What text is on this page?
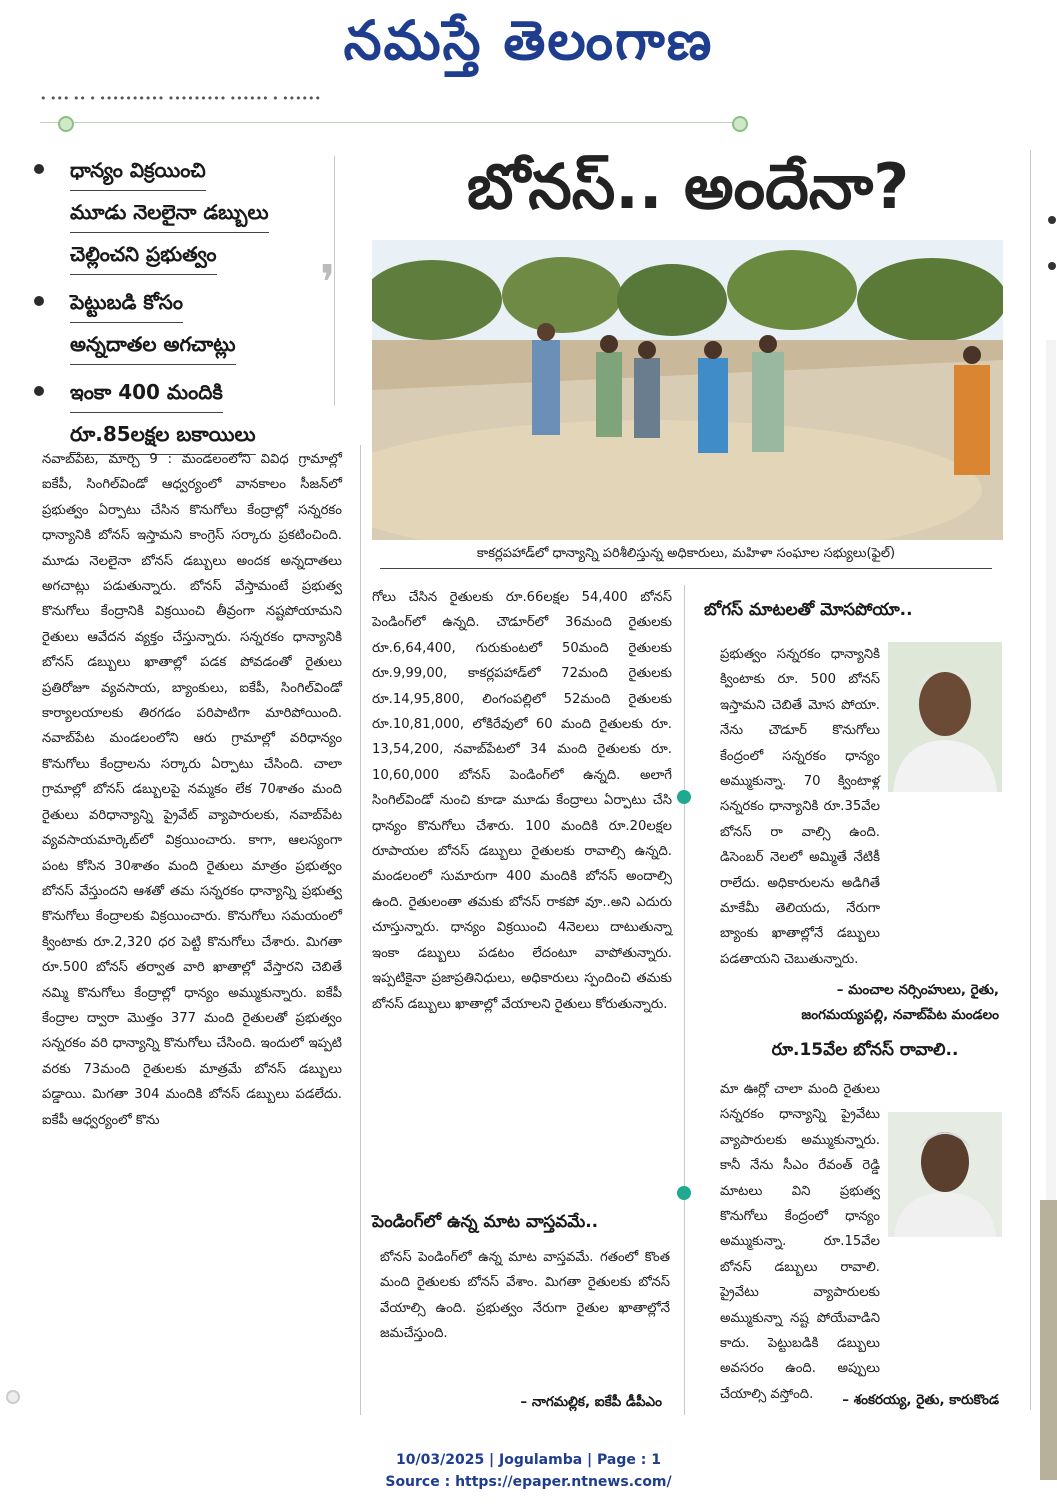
నమస్తే తెలంగాణ
• ••• •• • •••••••••• ••••••••• •••••• • ••••••
ధాన్యం విక్రయించి
మూడు నెలలైనా డబ్బులు
చెల్లించని ప్రభుత్వం
పెట్టుబడి కోసం
అన్నదాతల అగచాట్లు
ఇంకా 400 మందికి
రూ.85లక్షల బకాయిలు
❜
బోనస్.. అందేనా?
కాకర్లపహాడ్‌లో ధాన్యాన్ని పరిశీలిస్తున్న అధికారులు, మహిళా సంఘాల సభ్యులు(ఫైల్)
నవాబ్‌పేట, మార్చి 9 : మండలంలోని వివిధ గ్రామాల్లో ఐకేపీ, సింగిల్‌విండో ఆధ్వర్యంలో వానకాలం సీజన్‌లో ప్రభుత్వం ఏర్పాటు చేసిన కొనుగోలు కేంద్రాల్లో సన్నరకం ధాన్యానికి బోనస్ ఇస్తామని కాంగ్రెస్ సర్కారు ప్రకటించింది. మూడు నెలలైనా బోనస్ డబ్బులు అందక అన్నదాతలు అగచాట్లు పడుతున్నారు. బోనస్ వేస్తామంటే ప్రభుత్వ కొనుగోలు కేంద్రానికి విక్రయించి తీవ్రంగా నష్టపోయామని రైతులు ఆవేదన వ్యక్తం చేస్తున్నారు. సన్నరకం ధాన్యానికి బోనస్ డబ్బులు ఖాతాల్లో పడక పోవడంతో రైతులు ప్రతిరోజూ వ్యవసాయ, బ్యాంకులు, ఐకేపీ, సింగిల్‌విండో కార్యాలయాలకు తిరగడం పరిపాటిగా మారిపోయింది. నవాబ్‌పేట మండలంలోని ఆరు గ్రామాల్లో వరిధాన్యం కొనుగోలు కేంద్రాలను సర్కారు ఏర్పాటు చేసింది. చాలా గ్రామాల్లో బోనస్ డబ్బులపై నమ్మకం లేక 70శాతం మంది రైతులు వరిధాన్యాన్ని ప్రైవేట్ వ్యాపారులకు, నవాబ్‌పేట వ్యవసాయమార్కెట్‌లో విక్రయించారు. కాగా, ఆలస్యంగా పంట కోసిన 30శాతం మంది రైతులు మాత్రం ప్రభుత్వం బోనస్ వేస్తుందని ఆశతో తమ సన్నరకం ధాన్యాన్ని ప్రభుత్వ కొనుగోలు కేంద్రాలకు విక్రయించారు. కొనుగోలు సమయంలో క్వింటాకు రూ.2,320 ధర పెట్టి కొనుగోలు చేశారు. మిగతా రూ.500 బోనస్ తర్వాత వారి ఖాతాల్లో వేస్తారని చెబితే నమ్మి కొనుగోలు కేంద్రాల్లో ధాన్యం అమ్ముకున్నారు. ఐకేపీ కేంద్రాల ద్వారా మొత్తం 377 మంది రైతులతో ప్రభుత్వం సన్నరకం వరి ధాన్యాన్ని కొనుగోలు చేసింది. ఇందులో ఇప్పటి వరకు 73మంది రైతులకు మాత్రమే బోనస్ డబ్బులు పడ్డాయి. మిగతా 304 మందికి బోనస్ డబ్బులు పడలేదు. ఐకేపీ ఆధ్వర్యంలో కొను
గోలు చేసిన రైతులకు రూ.66లక్షల 54,400 బోనస్ పెండింగ్‌లో ఉన్నది. చౌడూర్‌లో 36మంది రైతులకు రూ.6,64,400, గురుకుంటలో 50మంది రైతులకు రూ.9,99,00, కాకర్లపహాడ్‌లో 72మంది రైతులకు రూ.14,95,800, లింగంపల్లిలో 52మంది రైతులకు రూ.10,81,000, లోకిరేవులో 60 మంది రైతులకు రూ. 13,54,200, నవాబ్‌పేటలో 34 మంది రైతులకు రూ. 10,60,000 బోనస్ పెండింగ్‌లో ఉన్నది. అలాగే సింగిల్‌విండో నుంచి కూడా మూడు కేంద్రాలు ఏర్పాటు చేసి ధాన్యం కొనుగోలు చేశారు. 100 మందికి రూ.20లక్షల రూపాయల బోనస్ డబ్బులు రైతులకు రావాల్సి ఉన్నది. మండలంలో సుమారుగా 400 మందికి బోనస్ అందాల్సి ఉంది. రైతులంతా తమకు బోనస్ రాకపో వూ..అని ఎదురు చూస్తున్నారు. ధాన్యం విక్రయించి 4నెలలు దాటుతున్నా ఇంకా డబ్బులు పడటం లేదంటూ వాపోతున్నారు. ఇప్పటికైనా ప్రజాప్రతినిధులు, అధికారులు స్పందించి తమకు బోనస్ డబ్బులు ఖాతాల్లో వేయాలని రైతులు కోరుతున్నారు.
పెండింగ్‌లో ఉన్న మాట వాస్తవమే..
బోనస్ పెండింగ్‌లో ఉన్న మాట వాస్తవమే. గతంలో కొంత మంది రైతులకు బోనస్ వేశాం. మిగతా రైతులకు బోనస్ వేయాల్సి ఉంది. ప్రభుత్వం నేరుగా రైతుల ఖాతాల్లోనే జమచేస్తుంది.
– నాగమల్లిక, ఐకేపీ డీపీఎం
బోగస్ మాటలతో మోసపోయా..
ప్రభుత్వం సన్నరకం ధాన్యానికి క్వింటాకు రూ. 500 బోనస్ ఇస్తామని చెబితే మోస పోయా. నేను చౌడూర్ కొనుగోలు కేంద్రంలో సన్నరకం ధాన్యం అమ్ముకున్నా. 70 క్వింటాళ్ల సన్నరకం ధాన్యానికి రూ.35వేల బోనస్ రా వాల్సి ఉంది. డిసెంబర్ నెలలో అమ్మితే నేటికీ రాలేదు. అధికారులను అడిగితే మాకేమీ తెలియదు, నేరుగా బ్యాంకు ఖాతాల్లోనే డబ్బులు పడతాయని చెబుతున్నారు.
– మంచాల నర్సింహులు, రైతు,
జంగమయ్యపల్లి, నవాబ్‌పేట మండలం
రూ.15వేల బోనస్ రావాలి..
మా ఊర్లో చాలా మంది రైతులు సన్నరకం ధాన్యాన్ని ప్రైవేటు వ్యాపారులకు అమ్ముకున్నారు. కానీ నేను సీఎం రేవంత్ రెడ్డి మాటలు విని ప్రభుత్వ కొనుగోలు కేంద్రంలో ధాన్యం అమ్ముకున్నా. రూ.15వేల బోనస్ డబ్బులు రావాలి. ప్రైవేటు వ్యాపారులకు అమ్ముకున్నా నష్ట పోయేవాడిని కాదు. పెట్టుబడికి డబ్బులు అవసరం ఉంది. అప్పులు చేయాల్సి వస్తోంది.	– శంకరయ్య, రైతు, కారుకొండ
10/03/2025 | Jogulamba | Page : 1
Source : https://epaper.ntnews.com/
